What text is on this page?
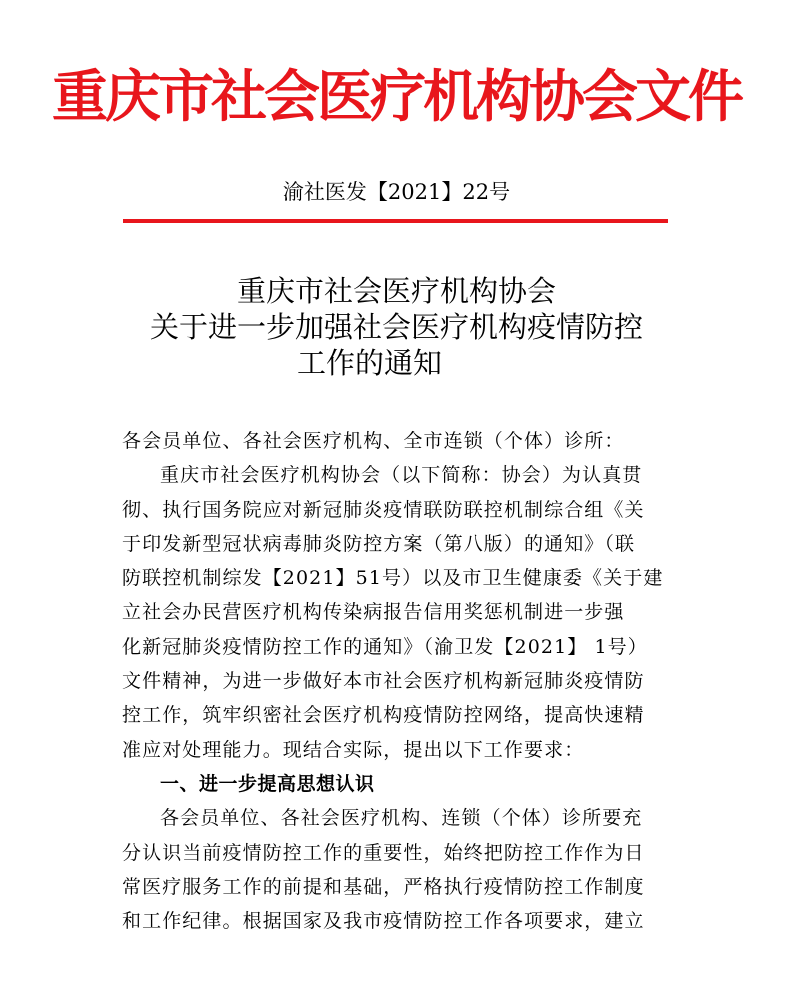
重庆市社会医疗机构协会文件
渝社医发【2021】22号
重庆市社会医疗机构协会
关于进一步加强社会医疗机构疫情防控
工作的通知

各会员单位、各社会医疗机构、全市连锁（个体）诊所：

重庆市社会医疗机构协会（以下简称：协会）为认真贯
彻、执行国务院应对新冠肺炎疫情联防联控机制综合组《关
于印发新型冠状病毒肺炎防控方案（第八版）的通知》（联
防联控机制综发【2021】51号）以及市卫生健康委《关于建
立社会办民营医疗机构传染病报告信用奖惩机制进一步强
化新冠肺炎疫情防控工作的通知》（渝卫发【2021】 1号）
文件精神，为进一步做好本市社会医疗机构新冠肺炎疫情防
控工作，筑牢织密社会医疗机构疫情防控网络，提高快速精
准应对处理能力。现结合实际，提出以下工作要求：

一、进一步提高思想认识

各会员单位、各社会医疗机构、连锁（个体）诊所要充
分认识当前疫情防控工作的重要性，始终把防控工作作为日
常医疗服务工作的前提和基础，严格执行疫情防控工作制度
和工作纪律。根据国家及我市疫情防控工作各项要求，建立
